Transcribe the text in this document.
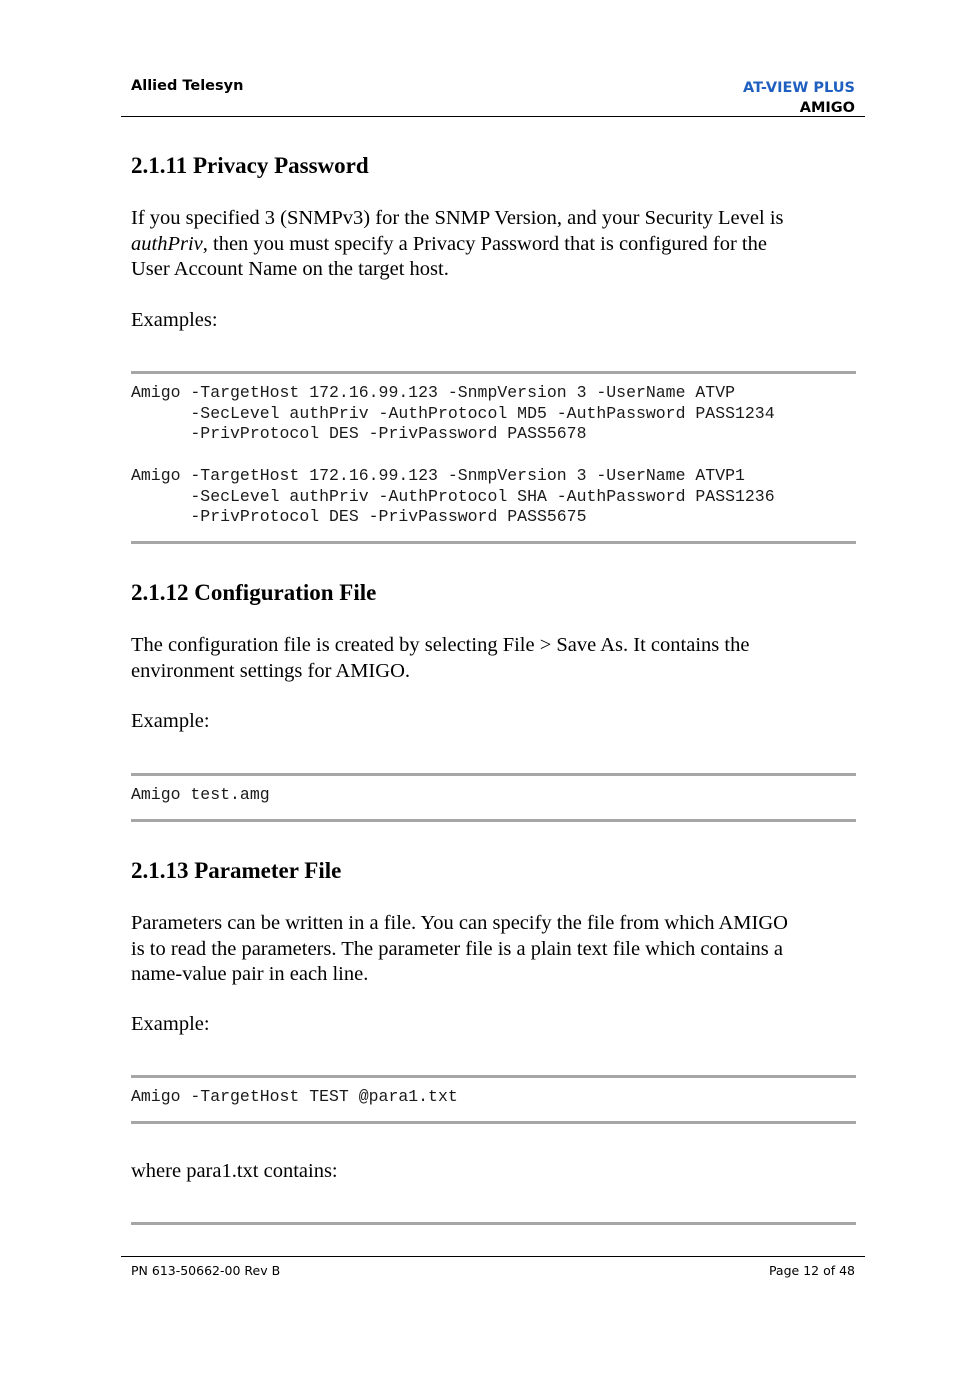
Allied Telesyn	AT-VIEW PLUS
AMIGO
2.1.11 Privacy Password
If you specified 3 (SNMPv3) for the SNMP Version, and your Security Level is
authPriv, then you must specify a Privacy Password that is configured for the
User Account Name on the target host.
Examples:
Amigo -TargetHost 172.16.99.123 -SnmpVersion 3 -UserName ATVP
-SecLevel authPriv -AuthProtocol MD5 -AuthPassword PASS1234
-PrivProtocol DES -PrivPassword PASS5678

Amigo -TargetHost 172.16.99.123 -SnmpVersion 3 -UserName ATVP1
-SecLevel authPriv -AuthProtocol SHA -AuthPassword PASS1236
-PrivProtocol DES -PrivPassword PASS5675
2.1.12 Configuration File
The configuration file is created by selecting File > Save As. It contains the
environment settings for AMIGO.
Example:
Amigo test.amg
2.1.13 Parameter File
Parameters can be written in a file. You can specify the file from which AMIGO
is to read the parameters. The parameter file is a plain text file which contains a
name-value pair in each line.
Example:
Amigo -TargetHost TEST @para1.txt
where para1.txt contains:
PN 613-50662-00 Rev B	Page 12 of 48
